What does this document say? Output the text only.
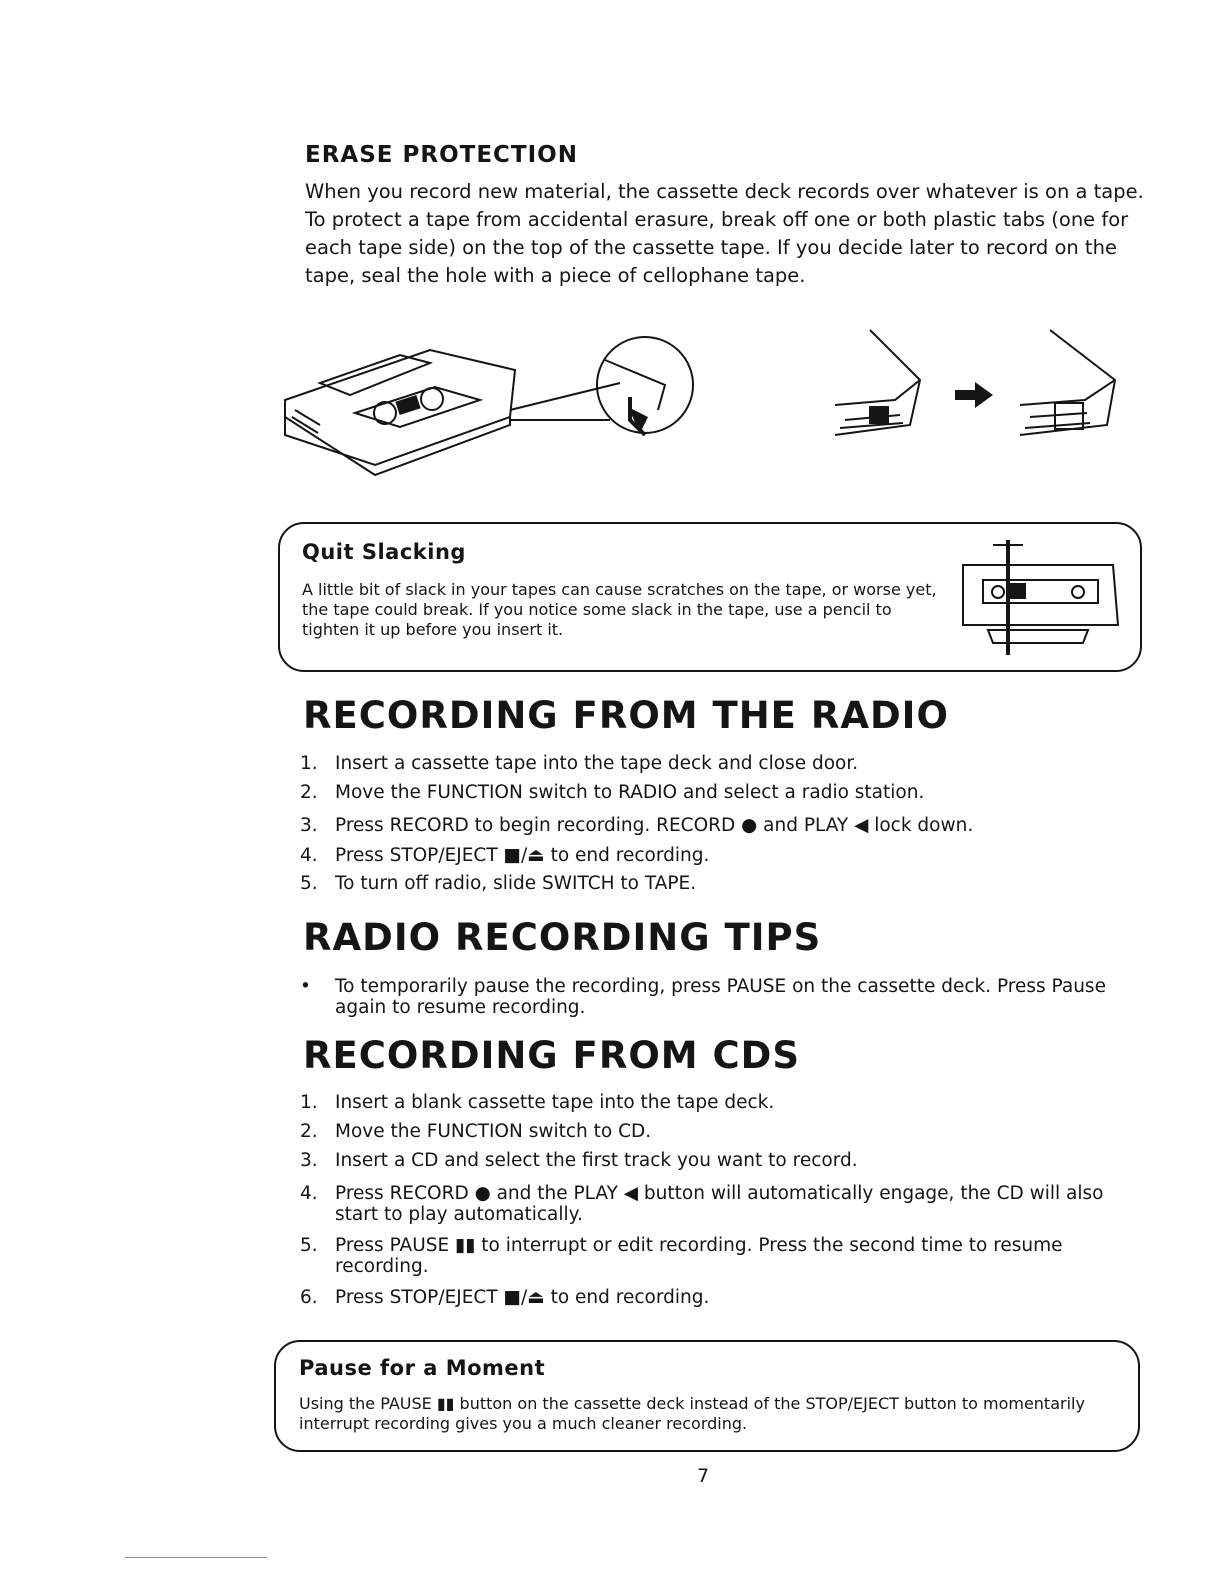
ERASE PROTECTION
When you record new material, the cassette deck records over whatever is on a tape. To protect a tape from accidental erasure, break off one or both plastic tabs (one for each tape side) on the top of the cassette tape. If you decide later to record on the tape, seal the hole with a piece of cellophane tape.
Quit Slacking
A little bit of slack in your tapes can cause scratches on the tape, or worse yet, the tape could break. If you notice some slack in the tape, use a pencil to tighten it up before you insert it.
RECORDING FROM THE RADIO
1. Insert a cassette tape into the tape deck and close door.
2. Move the FUNCTION switch to RADIO and select a radio station.
3. Press RECORD to begin recording. RECORD ● and PLAY ◀ lock down.
4. Press STOP/EJECT ■/⏏ to end recording.
5. To turn off radio, slide SWITCH to TAPE.
RADIO RECORDING TIPS
• To temporarily pause the recording, press PAUSE on the cassette deck. Press Pause again to resume recording.
RECORDING FROM CDS
1. Insert a blank cassette tape into the tape deck.
2. Move the FUNCTION switch to CD.
3. Insert a CD and select the first track you want to record.
4. Press RECORD ● and the PLAY ◀ button will automatically engage, the CD will also start to play automatically.
5. Press PAUSE ▮▮ to interrupt or edit recording. Press the second time to resume recording.
6. Press STOP/EJECT ■/⏏ to end recording.
Pause for a Moment
Using the PAUSE ▮▮ button on the cassette deck instead of the STOP/EJECT button to momentarily interrupt recording gives you a much cleaner recording.
7
